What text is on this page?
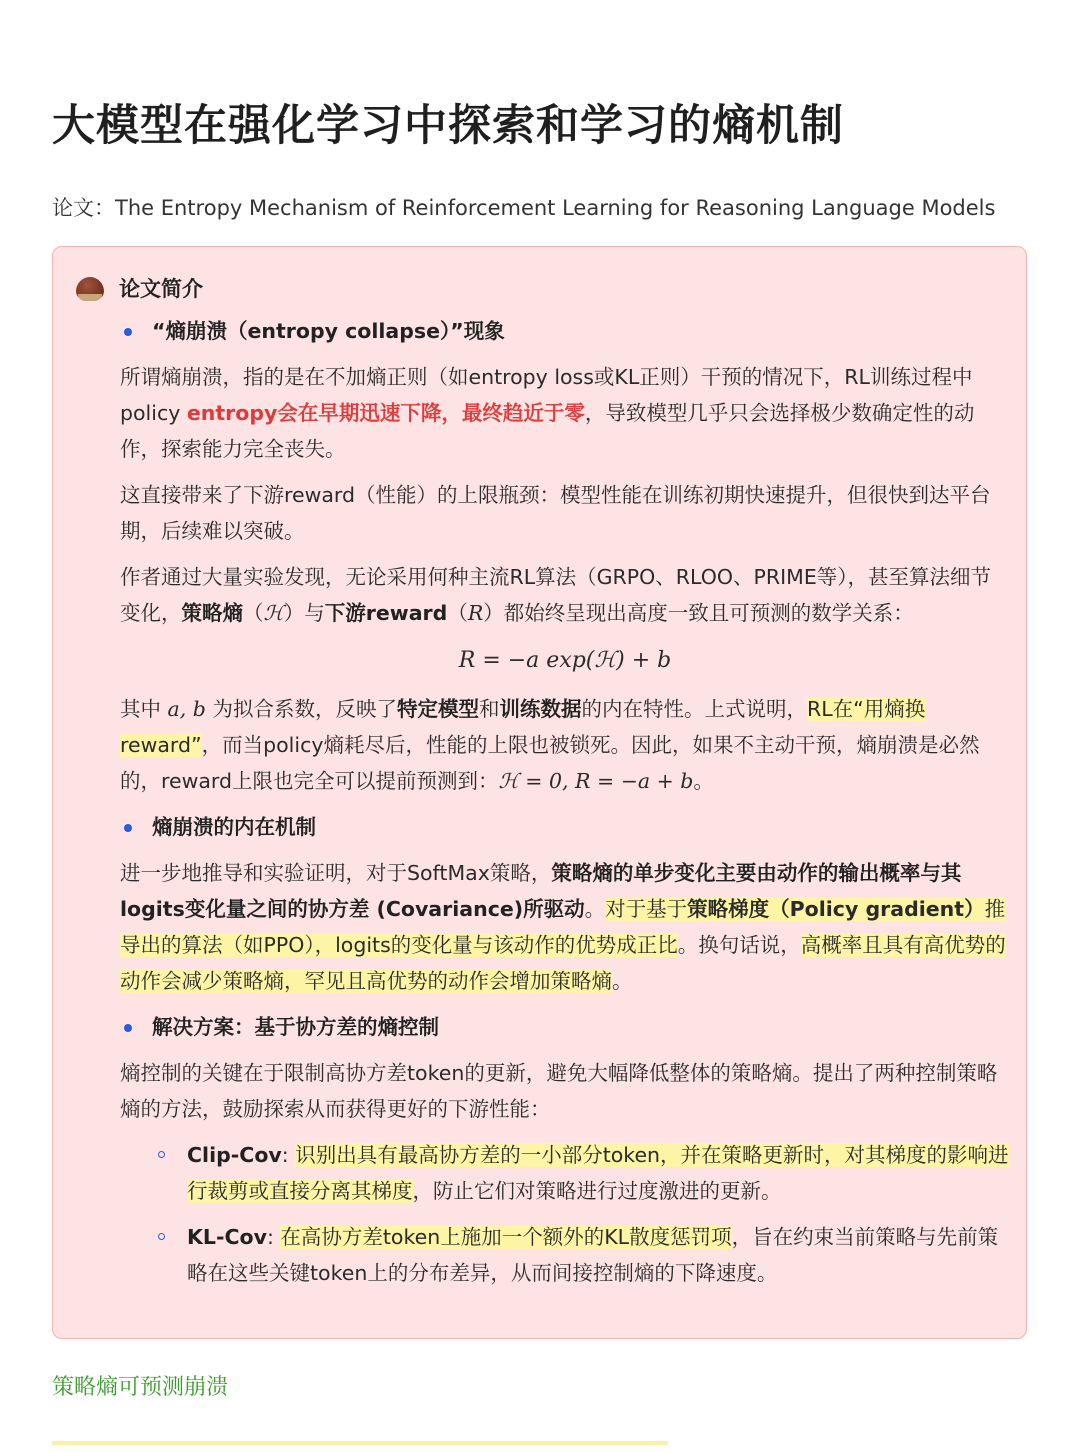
大模型在强化学习中探索和学习的熵机制
论文：The Entropy Mechanism of Reinforcement Learning for Reasoning Language Models
论文简介
“熵崩溃（entropy collapse）”现象

所谓熵崩溃，指的是在不加熵正则（如entropy loss或KL正则）干预的情况下，RL训练过程中policy entropy会在早期迅速下降，最终趋近于零，导致模型几乎只会选择极少数确定性的动作，探索能力完全丧失。

这直接带来了下游reward（性能）的上限瓶颈：模型性能在训练初期快速提升，但很快到达平台期，后续难以突破。

作者通过大量实验发现，无论采用何种主流RL算法（GRPO、RLOO、PRIME等），甚至算法细节变化，策略熵（ℋ）与下游reward（R）都始终呈现出高度一致且可预测的数学关系：

R = −a exp(ℋ) + b

其中 a, b 为拟合系数，反映了特定模型和训练数据的内在特性。上式说明，RL在“用熵换reward”，而当policy熵耗尽后，性能的上限也被锁死。因此，如果不主动干预，熵崩溃是必然的，reward上限也完全可以提前预测到：ℋ = 0, R = −a + b。

熵崩溃的内在机制

进一步地推导和实验证明，对于SoftMax策略，策略熵的单步变化主要由动作的输出概率与其logits变化量之间的协方差 (Covariance)所驱动。对于基于策略梯度（Policy gradient）推导出的算法（如PPO），logits的变化量与该动作的优势成正比。换句话说，高概率且具有高优势的动作会减少策略熵，罕见且高优势的动作会增加策略熵。

解决方案：基于协方差的熵控制

熵控制的关键在于限制高协方差token的更新，避免大幅降低整体的策略熵。提出了两种控制策略熵的方法，鼓励探索从而获得更好的下游性能：

Clip-Cov: 识别出具有最高协方差的一小部分token，并在策略更新时，对其梯度的影响进行裁剪或直接分离其梯度，防止它们对策略进行过度激进的更新。
KL-Cov: 在高协方差token上施加一个额外的KL散度惩罚项，旨在约束当前策略与先前策略在这些关键token上的分布差异，从而间接控制熵的下降速度。
策略熵可预测崩溃
